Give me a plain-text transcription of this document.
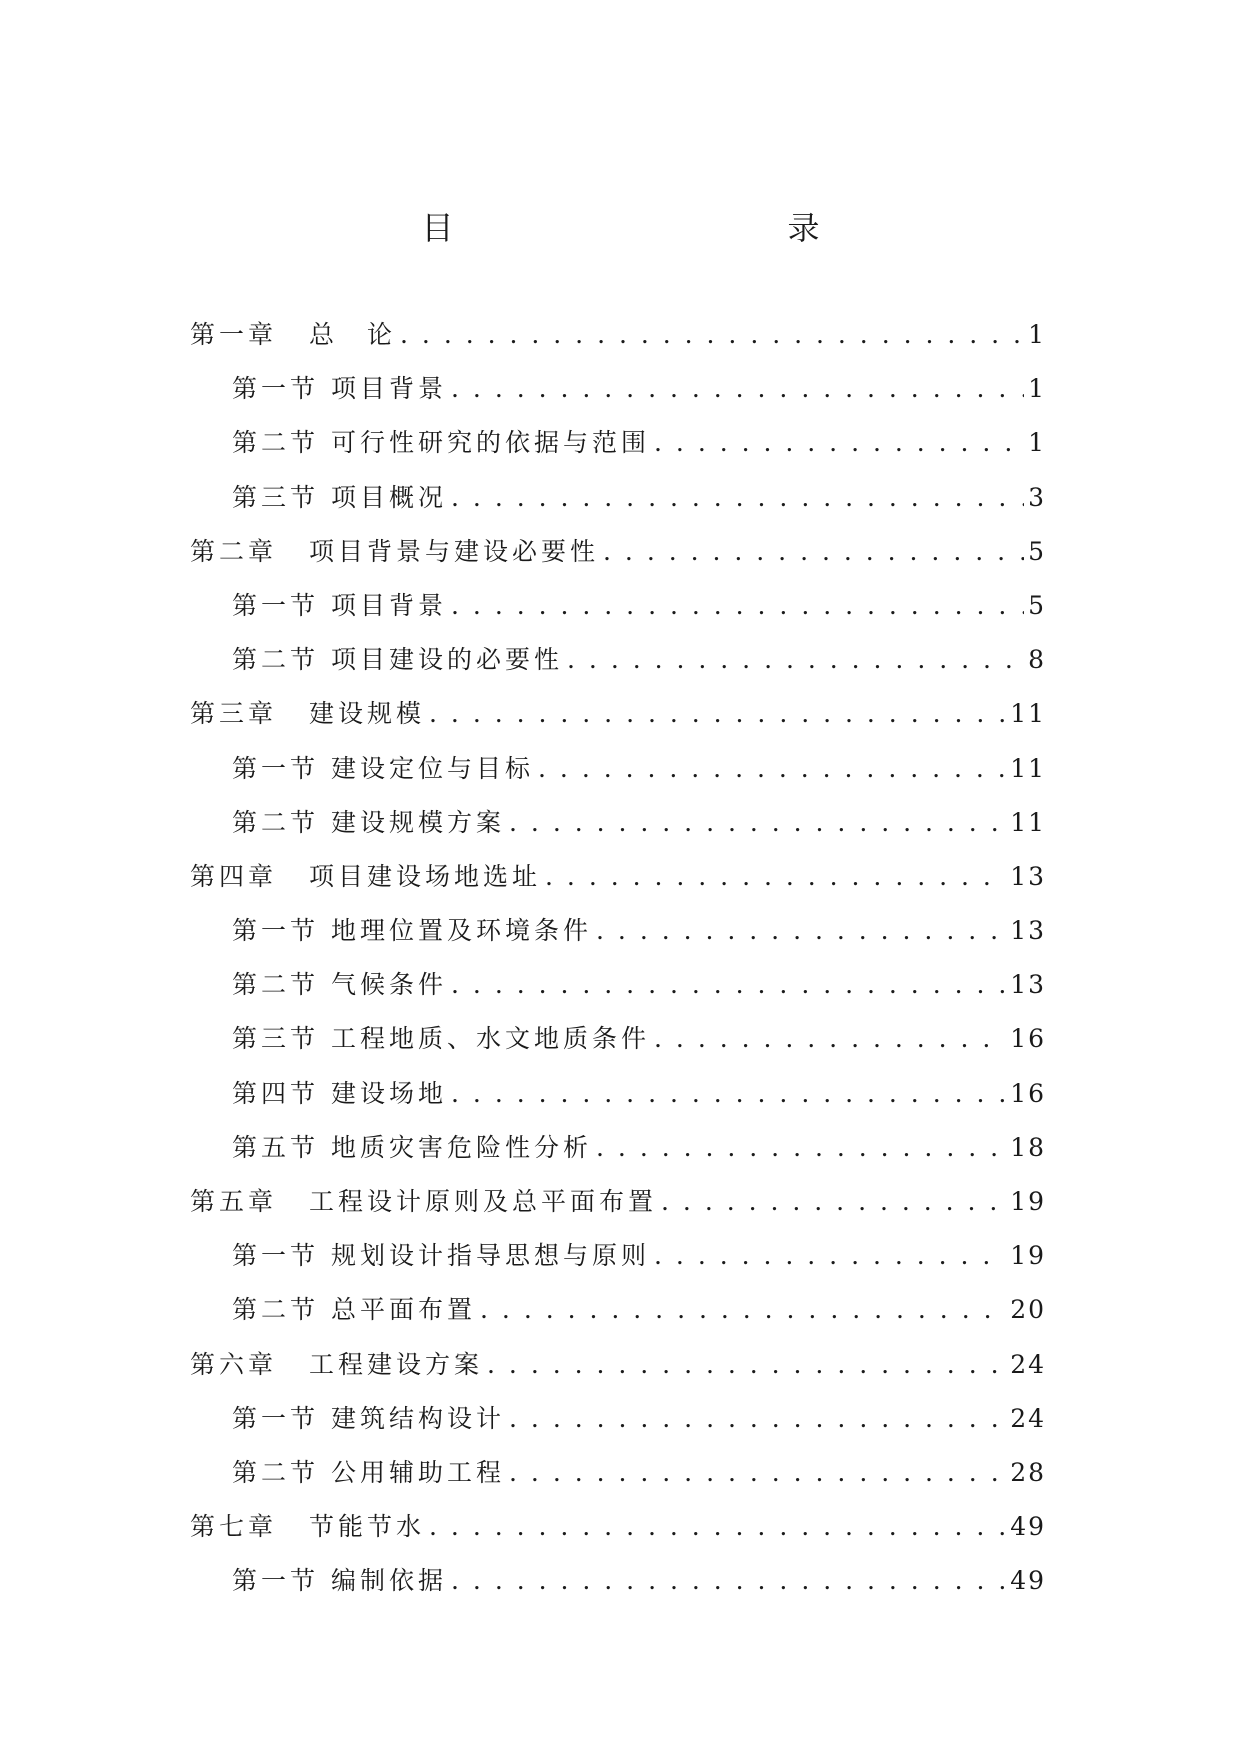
目　　录
第一章 总　论 . . .	1
第一节 项目背景 . . .	1
第二节 可行性研究的依据与范围 . . .	1
第三节 项目概况 . . .	3
第二章 项目背景与建设必要性 . . .	5
第一节 项目背景 . . .	5
第二节 项目建设的必要性 . . .	8
第三章 建设规模 . . .	11
第一节 建设定位与目标 . . .	11
第二节 建设规模方案 . . .	11
第四章 项目建设场地选址 . . .	13
第一节 地理位置及环境条件 . . .	13
第二节 气候条件 . . .	13
第三节 工程地质、水文地质条件 . . .	16
第四节 建设场地 . . .	16
第五节 地质灾害危险性分析 . . .	18
第五章 工程设计原则及总平面布置 . . .	19
第一节 规划设计指导思想与原则 . . .	19
第二节 总平面布置 . . .	20
第六章 工程建设方案 . . .	24
第一节 建筑结构设计 . . .	24
第二节 公用辅助工程 . . .	28
第七章 节能节水 . . .	49
第一节 编制依据 . . .	49
